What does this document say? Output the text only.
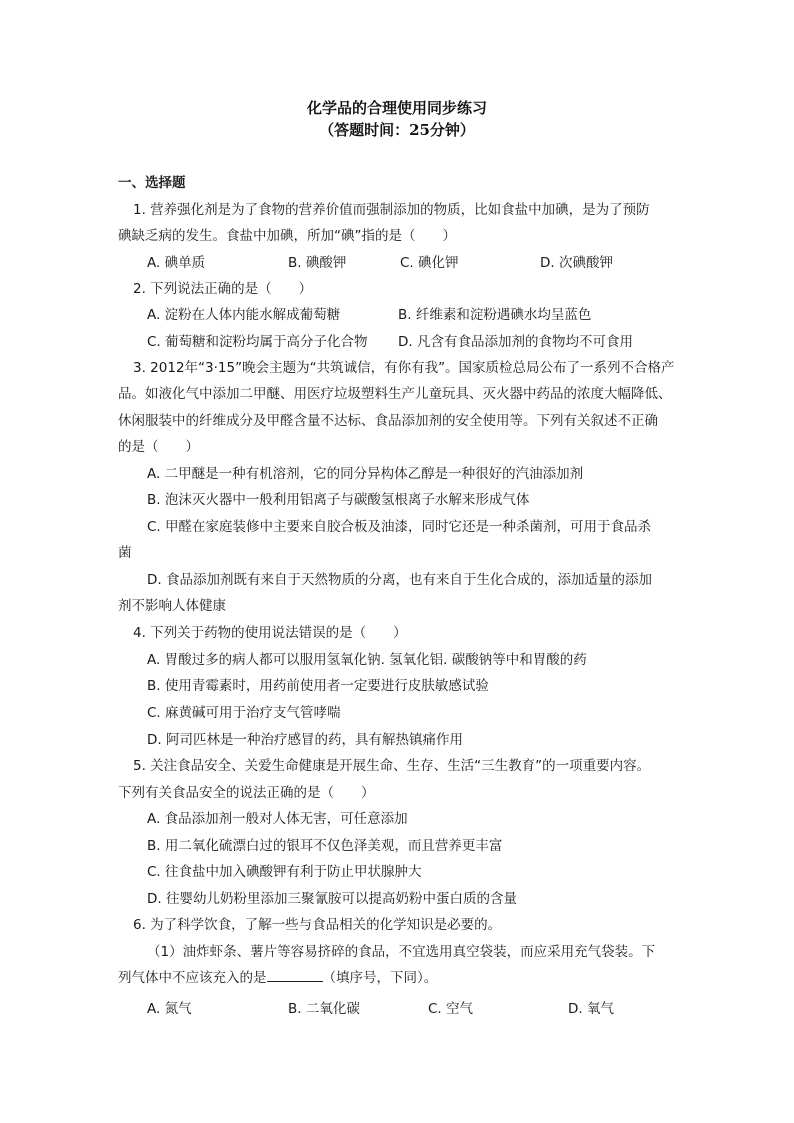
化学品的合理使用同步练习
（答题时间：25分钟）
一、选择题
1. 营养强化剂是为了食物的营养价值而强制添加的物质，比如食盐中加碘，是为了预防
碘缺乏病的发生。食盐中加碘，所加“碘”指的是（　　）
A. 碘单质	B. 碘酸钾	C. 碘化钾	D. 次碘酸钾
2. 下列说法正确的是（　　）
A. 淀粉在人体内能水解成葡萄糖	B. 纤维素和淀粉遇碘水均呈蓝色
C. 葡萄糖和淀粉均属于高分子化合物 D. 凡含有食品添加剂的食物均不可食用
3. 2012年“3·15”晚会主题为“共筑诚信，有你有我”。国家质检总局公布了一系列不合格产
品。如液化气中添加二甲醚、用医疗垃圾塑料生产儿童玩具、灭火器中药品的浓度大幅降低、
休闲服装中的纤维成分及甲醛含量不达标、食品添加剂的安全使用等。下列有关叙述不正确
的是（　　）
A. 二甲醚是一种有机溶剂，它的同分异构体乙醇是一种很好的汽油添加剂
B. 泡沫灭火器中一般利用铝离子与碳酸氢根离子水解来形成气体
C. 甲醛在家庭装修中主要来自胶合板及油漆，同时它还是一种杀菌剂，可用于食品杀
菌
D. 食品添加剂既有来自于天然物质的分离，也有来自于生化合成的，添加适量的添加
剂不影响人体健康
4. 下列关于药物的使用说法错误的是（　　）
A. 胃酸过多的病人都可以服用氢氧化钠. 氢氧化铝. 碳酸钠等中和胃酸的药
B. 使用青霉素时，用药前使用者一定要进行皮肤敏感试验
C. 麻黄碱可用于治疗支气管哮喘
D. 阿司匹林是一种治疗感冒的药，具有解热镇痛作用
5. 关注食品安全、关爱生命健康是开展生命、生存、生活“三生教育”的一项重要内容。
下列有关食品安全的说法正确的是（　　）
A. 食品添加剂一般对人体无害，可任意添加
B. 用二氧化硫漂白过的银耳不仅色泽美观，而且营养更丰富
C. 往食盐中加入碘酸钾有利于防止甲状腺肿大
D. 往婴幼儿奶粉里添加三聚氰胺可以提高奶粉中蛋白质的含量
6. 为了科学饮食，了解一些与食品相关的化学知识是必要的。
（1）油炸虾条、薯片等容易挤碎的食品，不宜选用真空袋装，而应采用充气袋装。下
列气体中不应该充入的是	（填序号，下同）。
A. 氮气	B. 二氧化碳	C. 空气	D. 氧气
